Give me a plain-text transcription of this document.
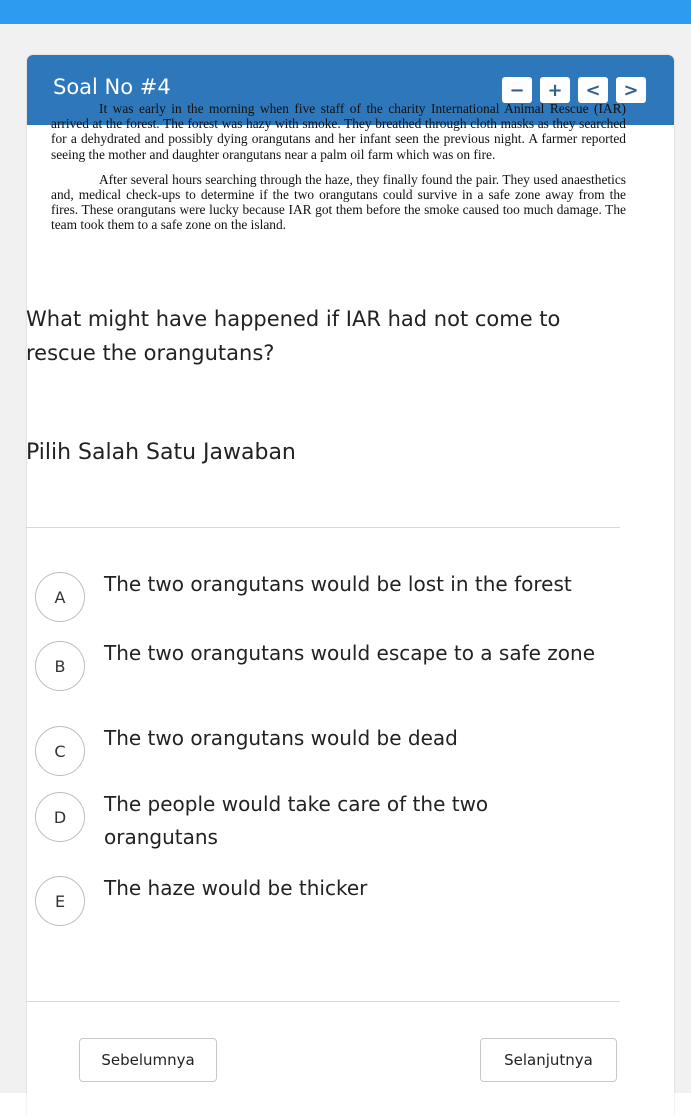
Soal No #4	−	+	<	>

It was early in the morning when five staff of the charity International Animal Rescue (IAR) arrived at the forest. The forest was hazy with smoke. They breathed through cloth masks as they searched for a dehydrated and possibly dying orangutans and her infant seen the previous night. A farmer reported seeing the mother and daughter orangutans near a palm oil farm which was on fire.

After several hours searching through the haze, they finally found the pair. They used anaesthetics and, medical check-ups to determine if the two orangutans could survive in a safe zone away from the fires. These orangutans were lucky because IAR got them before the smoke caused too much damage. The team took them to a safe zone on the island.

What might have happened if IAR had not come to rescue the orangutans?
Pilih Salah Satu Jawaban
A
The two orangutans would be lost in the forest
B
The two orangutans would escape to a safe zone
C
The two orangutans would be dead
D
The people would take care of the two orangutans
E
The haze would be thicker
Sebelumnya	Selanjutnya
